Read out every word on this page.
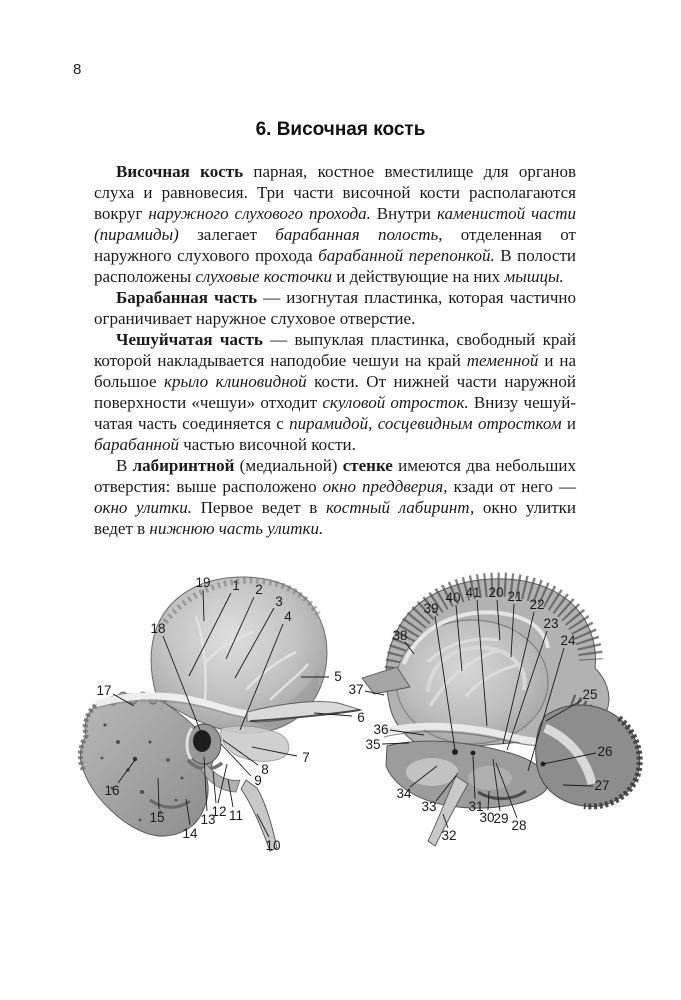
8
6. Височная кость

Височная кость парная, костное вместилище для органов слуха и равновесия. Три части височной кости располагаются вокруг наружного слухового прохода. Внутри каменистой части (пирамиды) залегает барабанная полость, отделенная от наружного слухового прохода барабанной перепонкой. В полости расположены слуховые косточки и действующие на них мышцы.

Барабанная часть — изогнутая пластинка, которая частично ограничивает наружное слуховое отверстие.

Чешуйчатая часть — выпуклая пластинка, свободный край которой накладывается наподобие чешуи на край теменной и на большое крыло клиновидной кости. От нижней части наружной поверхности «чешуи» отходит скуловой отросток. Внизу чешуйчатая часть соединяется с пирамидой, сосцевидным отростком и барабанной частью височной кости.

В лабиринтной (медиальной) стенке имеются два небольших отверстия: выше расположено окно преддверия, кзади от него — окно улитки. Первое ведет в костный лабиринт, окно улитки ведет в нижнюю часть улитки.

19 1 2
3
4
18
17
5
6
7
8
9
16
15
14
13
12 11
10
39
40 41 20 21
22
23
24
38
37	25
36
35	26
27
34
33
32
31
30
29 28
